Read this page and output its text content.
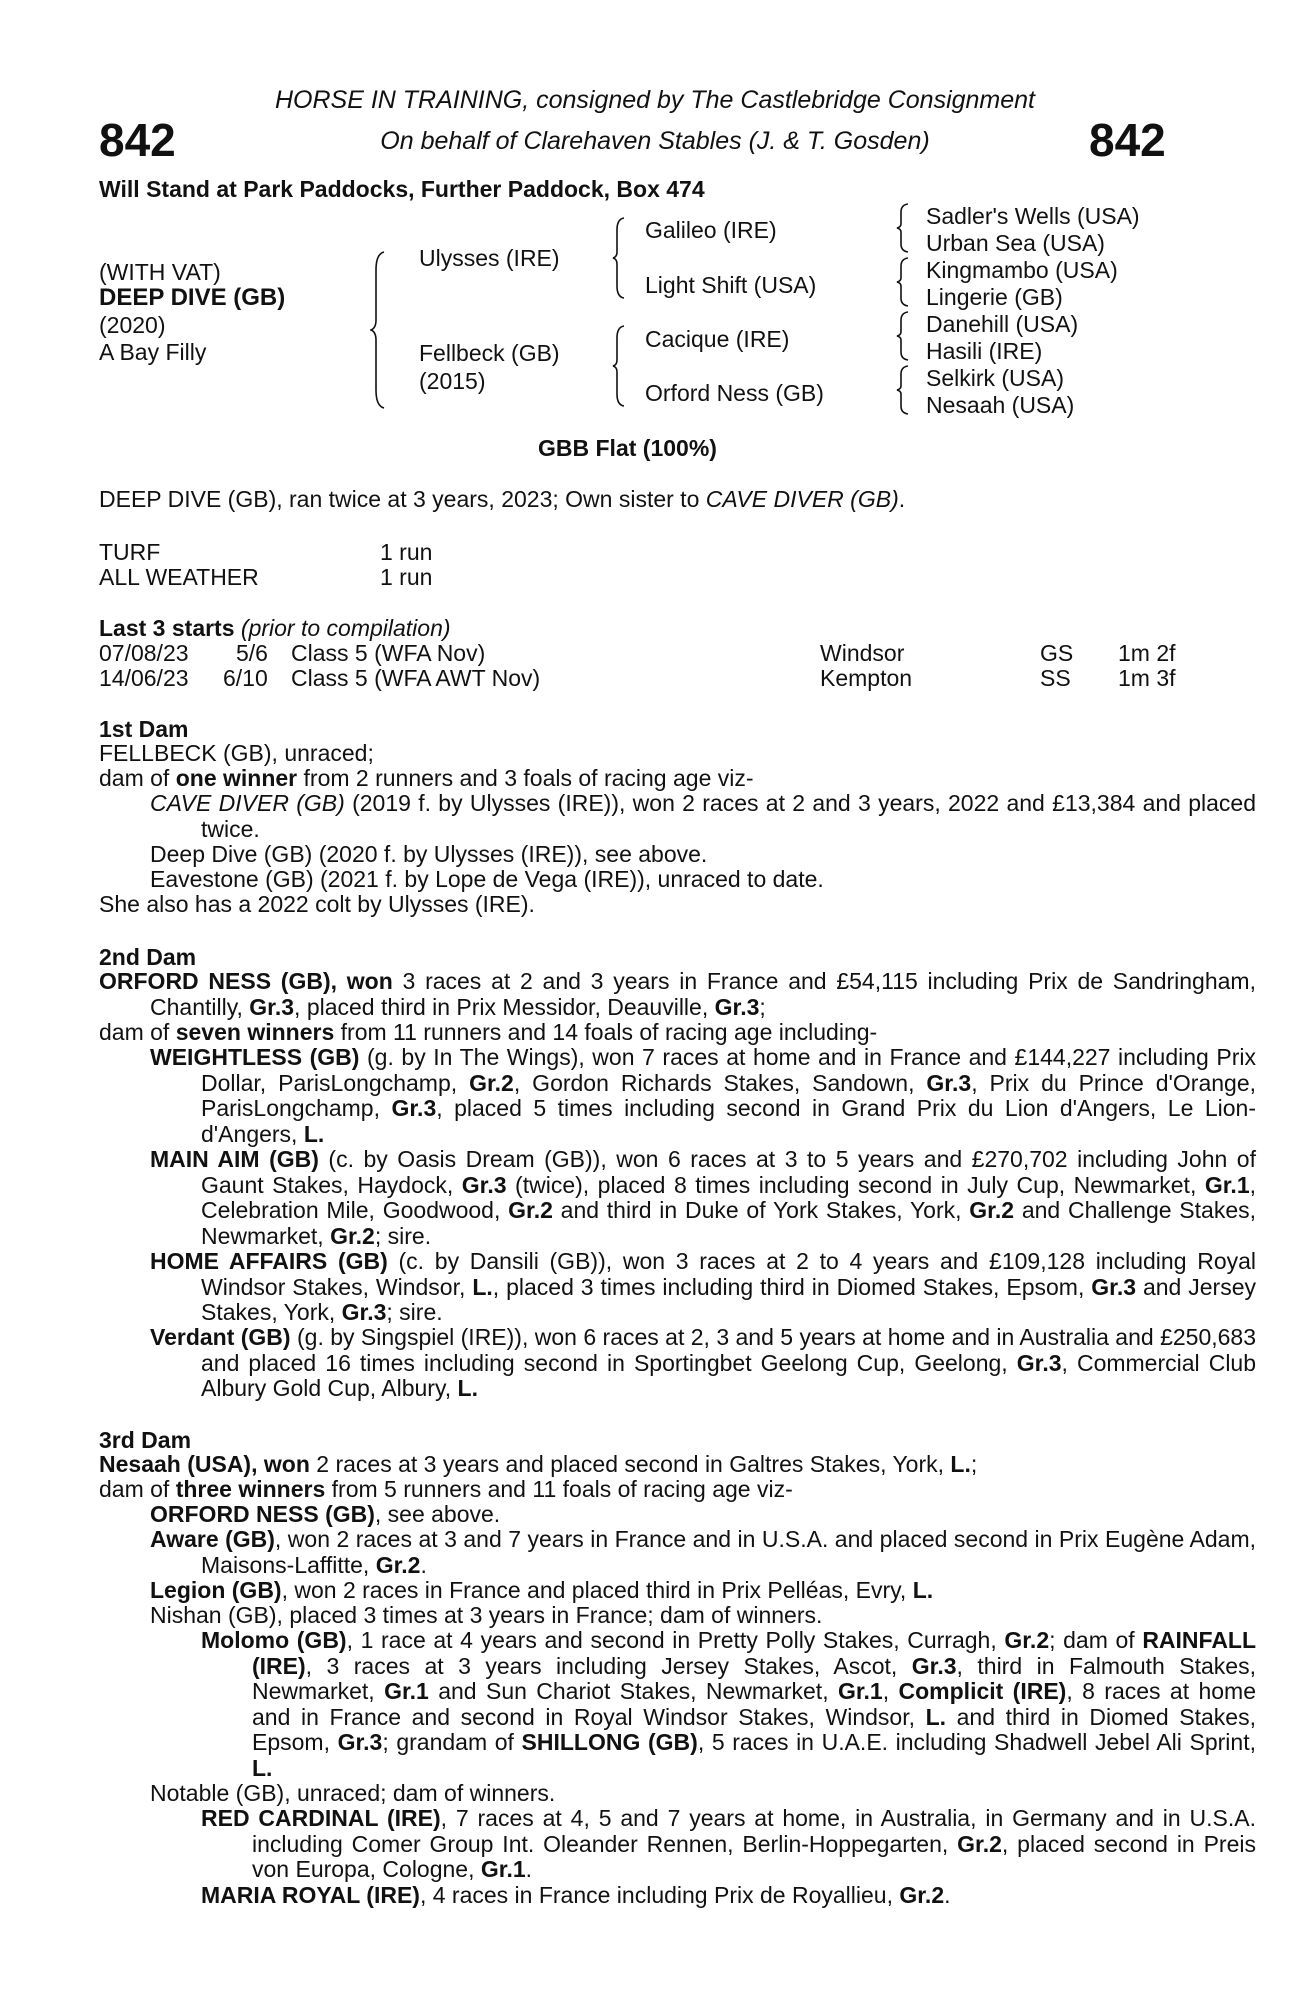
842	842
HORSE IN TRAINING, consigned by The Castlebridge Consignment
On behalf of Clarehaven Stables (J. & T. Gosden)
Will Stand at Park Paddocks, Further Paddock, Box 474
(WITH VAT)
DEEP DIVE (GB)
(2020)
A Bay Filly
Ulysses (IRE)
Fellbeck (GB)
(2015)
Galileo (IRE)
Light Shift (USA)
Cacique (IRE)
Orford Ness (GB)
Sadler's Wells (USA)
Urban Sea (USA)
Kingmambo (USA)
Lingerie (GB)
Danehill (USA)
Hasili (IRE)
Selkirk (USA)
Nesaah (USA)
GBB Flat (100%)
DEEP DIVE (GB), ran twice at 3 years, 2023; Own sister to CAVE DIVER (GB).
TURF	1 run
ALL WEATHER	1 run
Last 3 starts (prior to compilation)
07/08/23 5/6 Class 5 (WFA Nov)	Windsor	GS 1m 2f
14/06/23 6/10 Class 5 (WFA AWT Nov)	Kempton	SS 1m 3f
1st Dam
FELLBECK (GB), unraced;
dam of one winner from 2 runners and 3 foals of racing age viz-
CAVE DIVER (GB) (2019 f. by Ulysses (IRE)), won 2 races at 2 and 3 years, 2022 and £13,384 and placed twice.
Deep Dive (GB) (2020 f. by Ulysses (IRE)), see above.
Eavestone (GB) (2021 f. by Lope de Vega (IRE)), unraced to date.
She also has a 2022 colt by Ulysses (IRE).
2nd Dam
ORFORD NESS (GB), won 3 races at 2 and 3 years in France and £54,115 including Prix de Sandringham, Chantilly, Gr.3, placed third in Prix Messidor, Deauville, Gr.3;
dam of seven winners from 11 runners and 14 foals of racing age including-
WEIGHTLESS (GB) (g. by In The Wings), won 7 races at home and in France and £144,227 including Prix Dollar, ParisLongchamp, Gr.2, Gordon Richards Stakes, Sandown, Gr.3, Prix du Prince d'Orange, ParisLongchamp, Gr.3, placed 5 times including second in Grand Prix du Lion d'Angers, Le Lion-d'Angers, L.
MAIN AIM (GB) (c. by Oasis Dream (GB)), won 6 races at 3 to 5 years and £270,702 including John of Gaunt Stakes, Haydock, Gr.3 (twice), placed 8 times including second in July Cup, Newmarket, Gr.1, Celebration Mile, Goodwood, Gr.2 and third in Duke of York Stakes, York, Gr.2 and Challenge Stakes, Newmarket, Gr.2; sire.
HOME AFFAIRS (GB) (c. by Dansili (GB)), won 3 races at 2 to 4 years and £109,128 including Royal Windsor Stakes, Windsor, L., placed 3 times including third in Diomed Stakes, Epsom, Gr.3 and Jersey Stakes, York, Gr.3; sire.
Verdant (GB) (g. by Singspiel (IRE)), won 6 races at 2, 3 and 5 years at home and in Australia and £250,683 and placed 16 times including second in Sportingbet Geelong Cup, Geelong, Gr.3, Commercial Club Albury Gold Cup, Albury, L.
3rd Dam
Nesaah (USA), won 2 races at 3 years and placed second in Galtres Stakes, York, L.;
dam of three winners from 5 runners and 11 foals of racing age viz-
ORFORD NESS (GB), see above.
Aware (GB), won 2 races at 3 and 7 years in France and in U.S.A. and placed second in Prix Eugène Adam, Maisons-Laffitte, Gr.2.
Legion (GB), won 2 races in France and placed third in Prix Pelléas, Evry, L.
Nishan (GB), placed 3 times at 3 years in France; dam of winners.
Molomo (GB), 1 race at 4 years and second in Pretty Polly Stakes, Curragh, Gr.2; dam of RAINFALL (IRE), 3 races at 3 years including Jersey Stakes, Ascot, Gr.3, third in Falmouth Stakes, Newmarket, Gr.1 and Sun Chariot Stakes, Newmarket, Gr.1, Complicit (IRE), 8 races at home and in France and second in Royal Windsor Stakes, Windsor, L. and third in Diomed Stakes, Epsom, Gr.3; grandam of SHILLONG (GB), 5 races in U.A.E. including Shadwell Jebel Ali Sprint, L.
Notable (GB), unraced; dam of winners.
RED CARDINAL (IRE), 7 races at 4, 5 and 7 years at home, in Australia, in Germany and in U.S.A. including Comer Group Int. Oleander Rennen, Berlin-Hoppegarten, Gr.2, placed second in Preis von Europa, Cologne, Gr.1.
MARIA ROYAL (IRE), 4 races in France including Prix de Royallieu, Gr.2.
